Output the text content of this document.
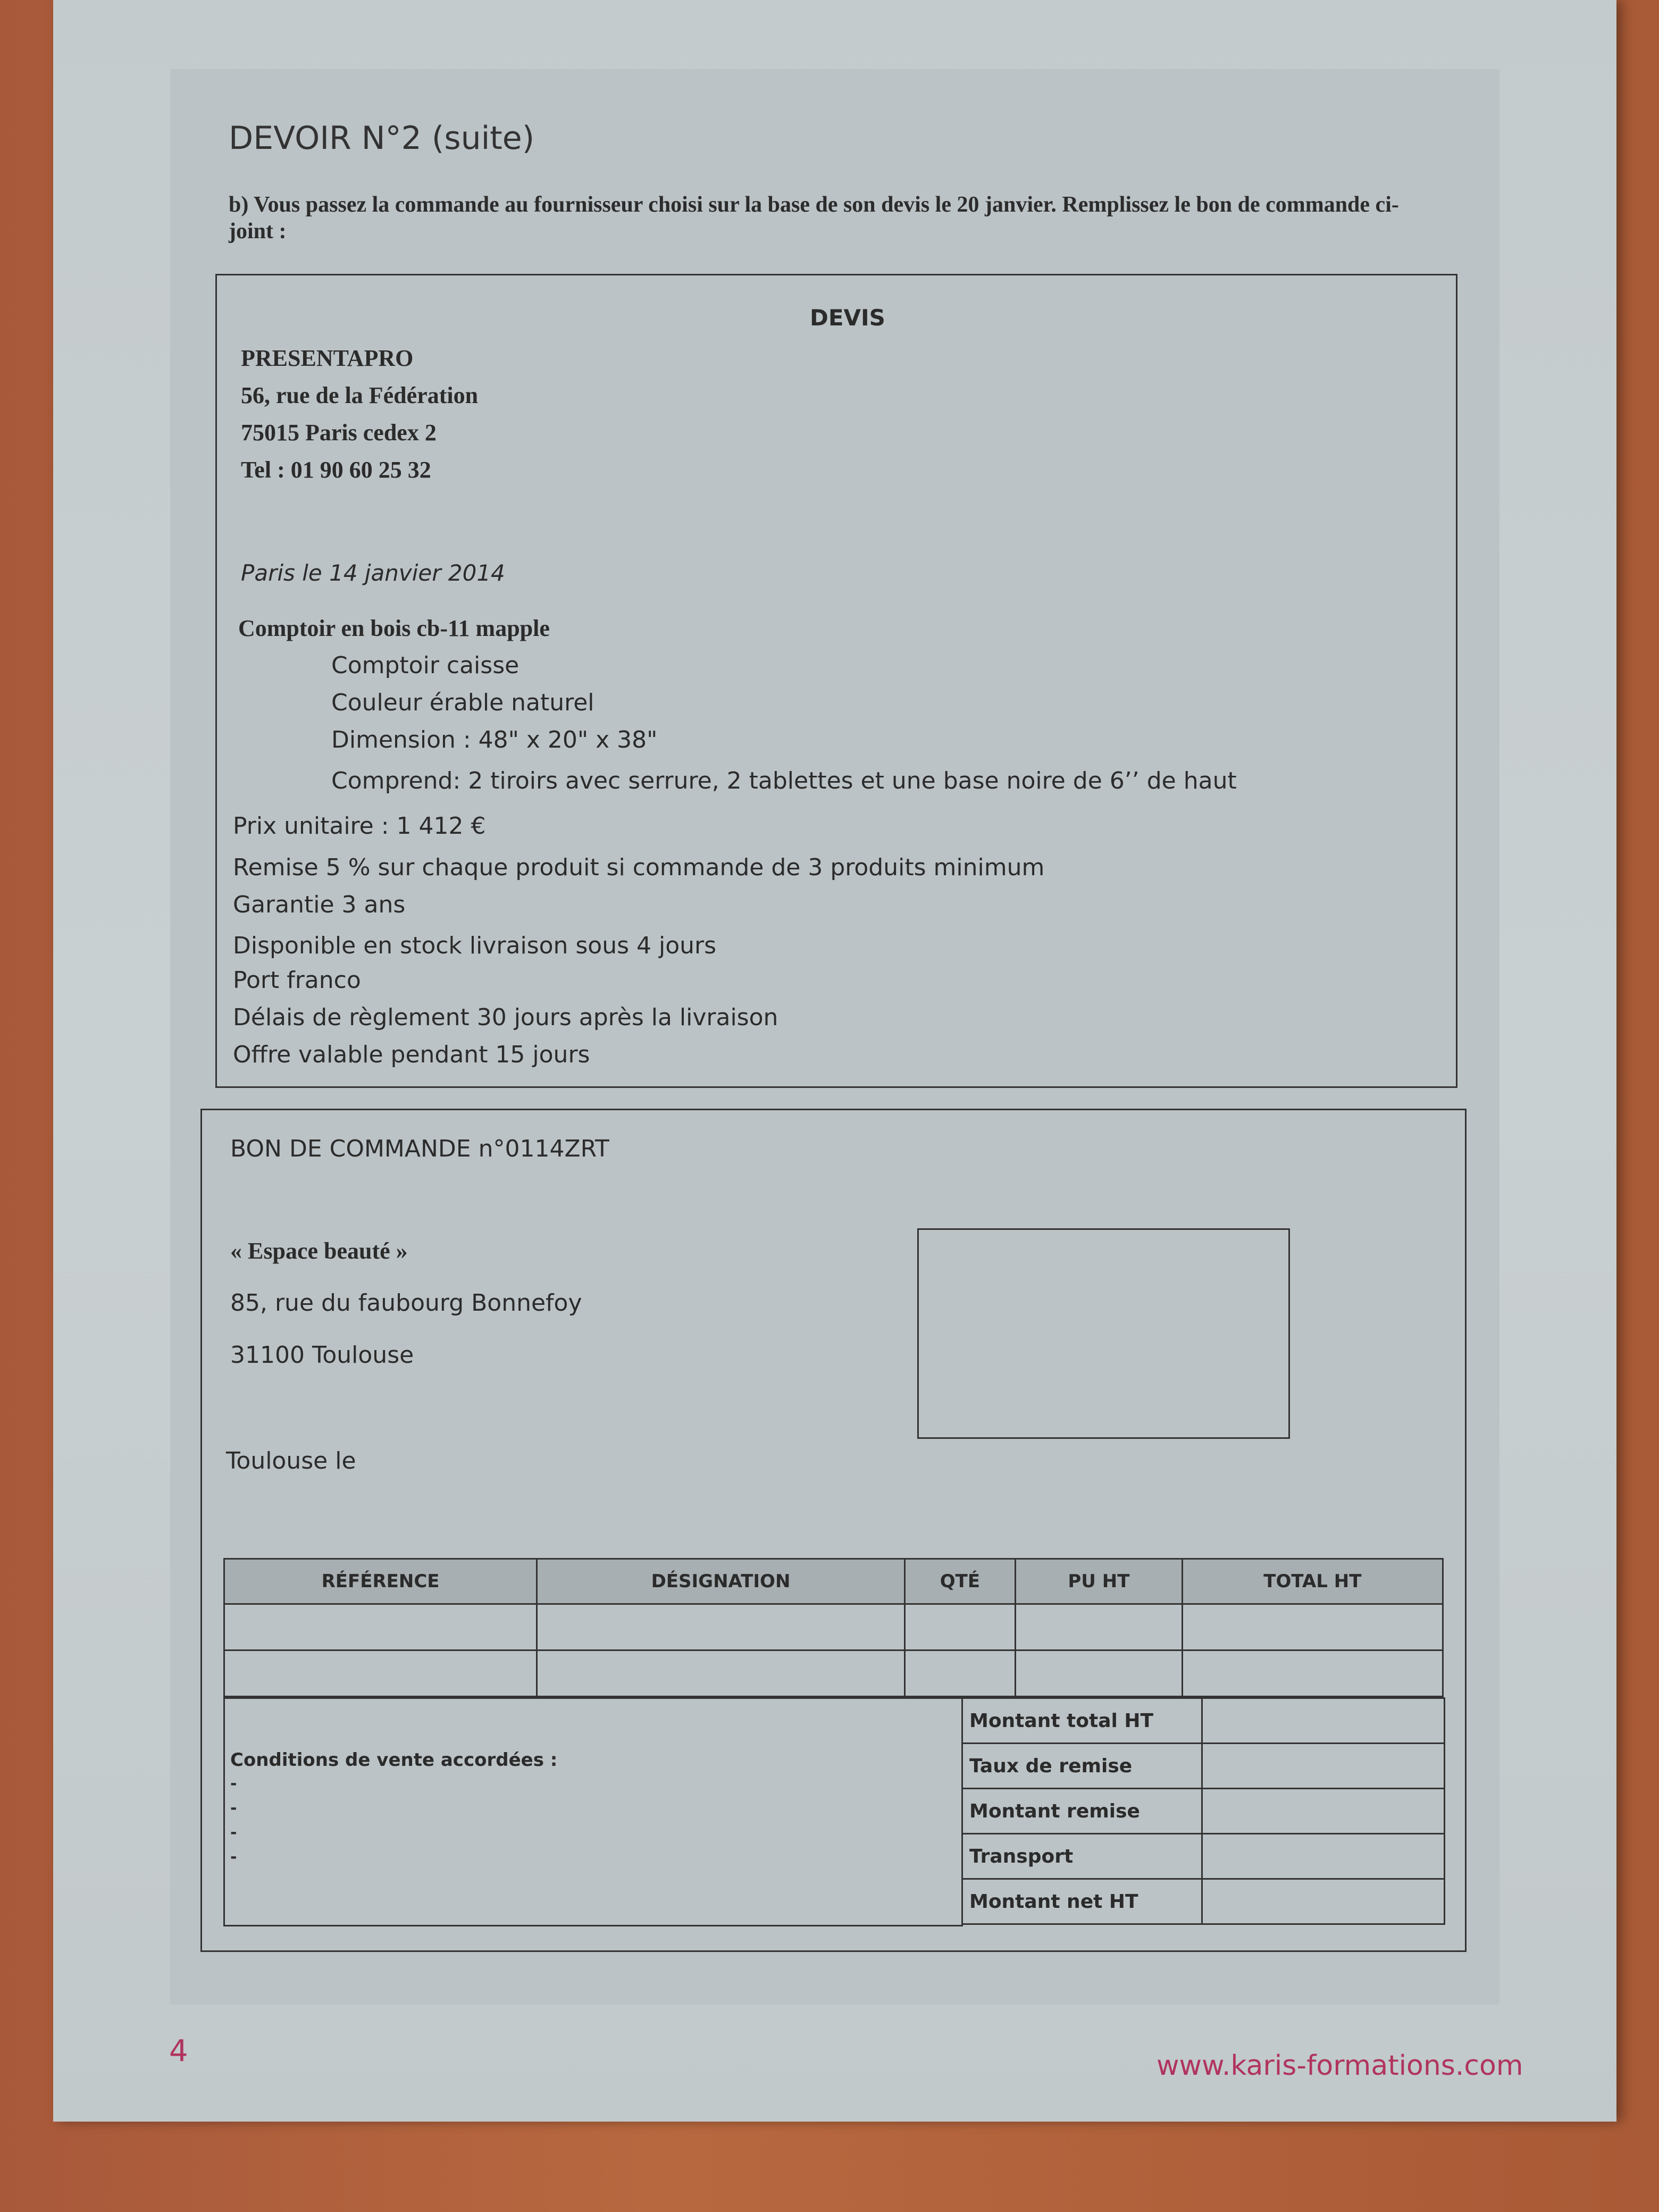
DEVOIR N°2 (suite)
b) Vous passez la commande au fournisseur choisi sur la base de son devis le 20 janvier. Remplissez le bon de commande ci-joint :
DEVIS
PRESENTAPRO
56, rue de la Fédération
75015 Paris cedex 2
Tel : 01 90 60 25 32
Paris le 14 janvier 2014
Comptoir en bois cb-11 mapple
Comptoir caisse
Couleur érable naturel
Dimension : 48" x 20" x 38"
Comprend: 2 tiroirs avec serrure, 2 tablettes et une base noire de 6’’ de haut
Prix unitaire : 1 412 €
Remise 5 % sur chaque produit si commande de 3 produits minimum
Garantie 3 ans
Disponible en stock livraison sous 4 jours
Port franco
Délais de règlement 30 jours après la livraison
Offre valable pendant 15 jours
BON DE COMMANDE n°0114ZRT
« Espace beauté »
85, rue du faubourg Bonnefoy
31100 Toulouse
Toulouse le
RÉFÉRENCE	DÉSIGNATION	QTÉ	PU HT	TOTAL HT

Conditions de vente accordées :
-
-
-
-
Montant total HT	
Taux de remise	
Montant remise	
Transport	
Montant net HT	
4	www.karis-formations.com
